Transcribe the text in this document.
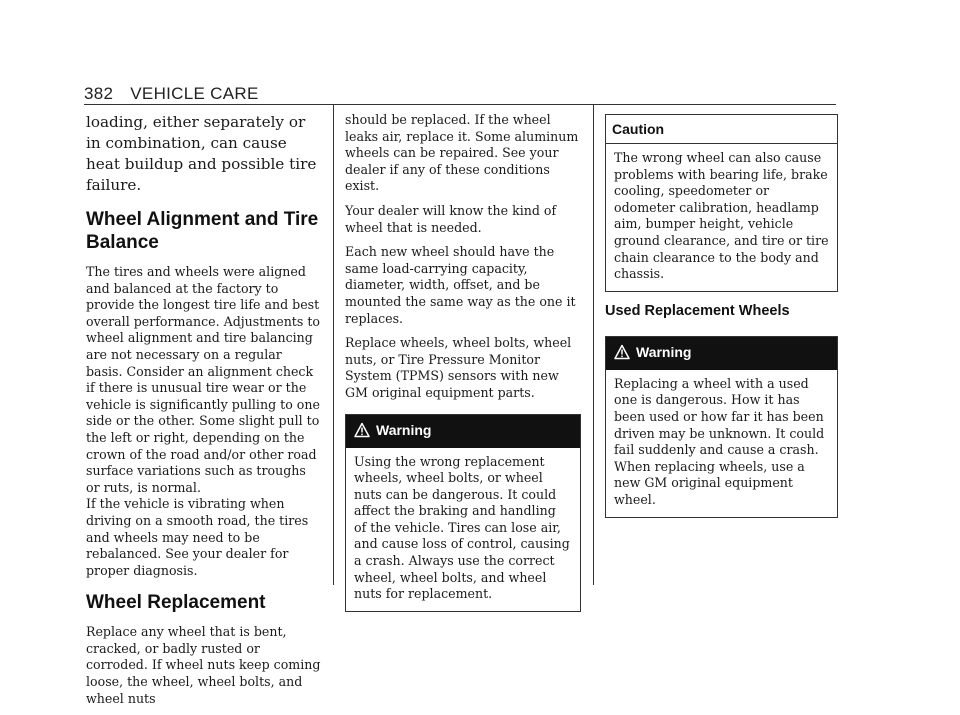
382 VEHICLE CARE
loading, either separately or in combination, can cause heat buildup and possible tire failure.
Wheel Alignment and Tire Balance

The tires and wheels were aligned and balanced at the factory to provide the longest tire life and best overall performance. Adjustments to wheel alignment and tire balancing are not necessary on a regular basis. Consider an alignment check if there is unusual tire wear or the vehicle is significantly pulling to one side or the other. Some slight pull to the left or right, depending on the crown of the road and/or other road surface variations such as troughs or ruts, is normal.

If the vehicle is vibrating when driving on a smooth road, the tires and wheels may need to be rebalanced. See your dealer for proper diagnosis.

Wheel Replacement

Replace any wheel that is bent, cracked, or badly rusted or corroded. If wheel nuts keep coming loose, the wheel, wheel bolts, and wheel nuts

should be replaced. If the wheel leaks air, replace it. Some aluminum wheels can be repaired. See your dealer if any of these conditions exist.

Your dealer will know the kind of wheel that is needed.

Each new wheel should have the same load-carrying capacity, diameter, width, offset, and be mounted the same way as the one it replaces.

Replace wheels, wheel bolts, wheel nuts, or Tire Pressure Monitor System (TPMS) sensors with new GM original equipment parts.

Warning
Using the wrong replacement wheels, wheel bolts, or wheel nuts can be dangerous. It could affect the braking and handling of the vehicle. Tires can lose air, and cause loss of control, causing a crash. Always use the correct wheel, wheel bolts, and wheel nuts for replacement.
Caution
The wrong wheel can also cause problems with bearing life, brake cooling, speedometer or odometer calibration, headlamp aim, bumper height, vehicle ground clearance, and tire or tire chain clearance to the body and chassis.
Used Replacement Wheels
Warning
Replacing a wheel with a used one is dangerous. How it has been used or how far it has been driven may be unknown. It could fail suddenly and cause a crash. When replacing wheels, use a new GM original equipment wheel.
